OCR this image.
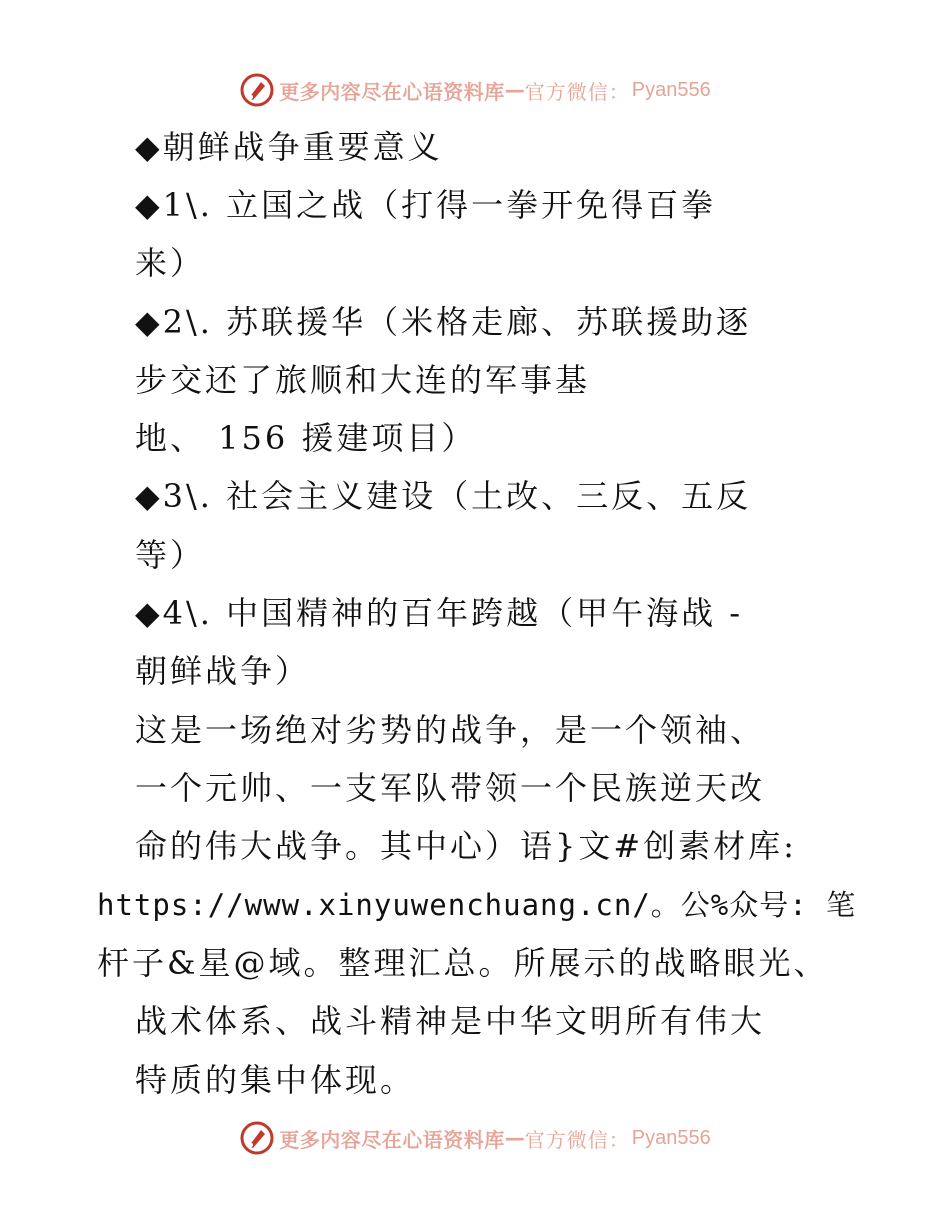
更多内容尽在心语资料库 — 官方微信： Pyan556
◆朝鲜战争重要意义
◆1\. 立国之战（打得一拳开免得百拳
来）
◆2\. 苏联援华（米格走廊、苏联援助逐
步交还了旅顺和大连的军事基
地、 156 援建项目）
◆3\. 社会主义建设（土改、三反、五反
等）
◆4\. 中国精神的百年跨越（甲午海战 -
朝鲜战争）
这是一场绝对劣势的战争，是一个领袖、
一个元帅、一支军队带领一个民族逆天改
命的伟大战争。其中心）语}文#创素材库:
https://www.xinyuwenchuang.cn/。公%众号: 笔
杆子&星@域。整理汇总。所展示的战略眼光、
战术体系、战斗精神是中华文明所有伟大
特质的集中体现。
更多内容尽在心语资料库 — 官方微信： Pyan556
